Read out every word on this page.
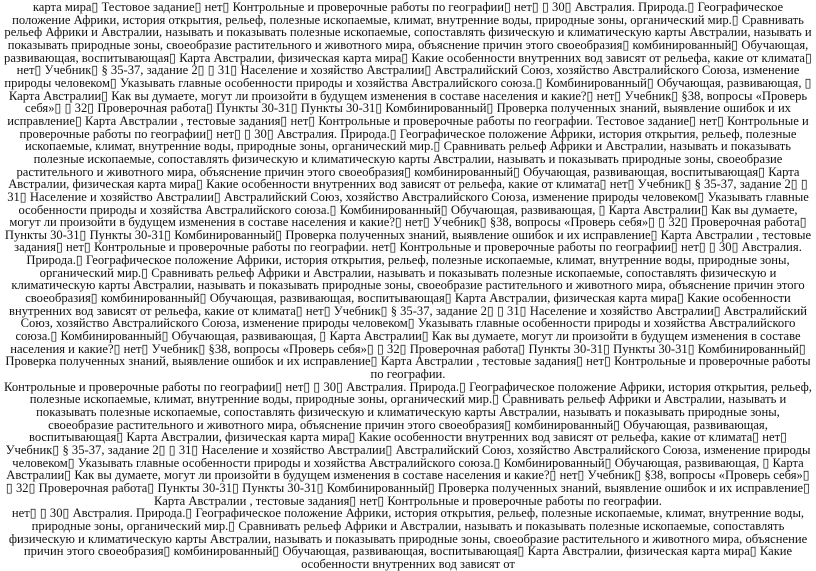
карта мира▯ Тестовое задание▯ нет▯ Контрольные и проверочные работы по географии▯ нет▯ ▯ 30▯ Австралия. Природа.▯ Географическое положение Африки, история открытия, рельеф, полезные ископаемые, климат, внутренние воды, природные зоны, органический мир.▯ Сравнивать рельеф Африки и Австралии, называть и показывать полезные ископаемые, сопоставлять физическую и климатическую карты Австралии, называть и показывать природные зоны, своеобразие растительного и животного мира, объяснение причин этого своеобразия▯ комбинированный▯ Обучающая, развивающая, воспитывающая▯ Карта Австралии, физическая карта мира▯ Какие особенности внутренних вод зависят от рельефа, какие от климата▯ нет▯ Учебник▯ § 35-37, задание 2▯ ▯ 31▯ Население и хозяйство Австралии▯ Австралийский Союз, хозяйство Австралийского Союза, изменение природы человеком▯ Указывать главные особенности природы и хозяйства Австралийского союза.▯ Комбинированный▯ Обучающая, развивающая, ▯ Карта Австралии▯ Как вы думаете, могут ли произойти в будущем изменения в составе населения и какие?▯ нет▯ Учебник▯ §38, вопросы «Проверь себя»▯ ▯ 32▯ Проверочная работа▯ Пункты 30-31▯ Пункты 30-31▯ Комбинированный▯ Проверка полученных знаний, выявление ошибок и их исправление▯ Карта Австралии , тестовые задания▯ нет▯ Контрольные и проверочные работы по географии. Тестовое задание▯ нет▯ Контрольные и проверочные работы по географии▯ нет▯ ▯ 30▯ Австралия. Природа.▯ Географическое положение Африки, история открытия, рельеф, полезные ископаемые, климат, внутренние воды, природные зоны, органический мир.▯ Сравнивать рельеф Африки и Австралии, называть и показывать полезные ископаемые, сопоставлять физическую и климатическую карты Австралии, называть и показывать природные зоны, своеобразие растительного и животного мира, объяснение причин этого своеобразия▯ комбинированный▯ Обучающая, развивающая, воспитывающая▯ Карта Австралии, физическая карта мира▯ Какие особенности внутренних вод зависят от рельефа, какие от климата▯ нет▯ Учебник▯ § 35-37, задание 2▯ ▯ 31▯ Население и хозяйство Австралии▯ Австралийский Союз, хозяйство Австралийского Союза, изменение природы человеком▯ Указывать главные особенности природы и хозяйства Австралийского союза.▯ Комбинированный▯ Обучающая, развивающая, ▯ Карта Австралии▯ Как вы думаете, могут ли произойти в будущем изменения в составе населения и какие?▯ нет▯ Учебник▯ §38, вопросы «Проверь себя»▯ ▯ 32▯ Проверочная работа▯ Пункты 30-31▯ Пункты 30-31▯ Комбинированный▯ Проверка полученных знаний, выявление ошибок и их исправление▯ Карта Австралии , тестовые задания▯ нет▯ Контрольные и проверочные работы по географии. нет▯ Контрольные и проверочные работы по географии▯ нет▯ ▯ 30▯ Австралия. Природа.▯ Географическое положение Африки, история открытия, рельеф, полезные ископаемые, климат, внутренние воды, природные зоны, органический мир.▯ Сравнивать рельеф Африки и Австралии, называть и показывать полезные ископаемые, сопоставлять физическую и климатическую карты Австралии, называть и показывать природные зоны, своеобразие растительного и животного мира, объяснение причин этого своеобразия▯ комбинированный▯ Обучающая, развивающая, воспитывающая▯ Карта Австралии, физическая карта мира▯ Какие особенности внутренних вод зависят от рельефа, какие от климата▯ нет▯ Учебник▯ § 35-37, задание 2▯ ▯ 31▯ Население и хозяйство Австралии▯ Австралийский Союз, хозяйство Австралийского Союза, изменение природы человеком▯ Указывать главные особенности природы и хозяйства Австралийского союза.▯ Комбинированный▯ Обучающая, развивающая, ▯ Карта Австралии▯ Как вы думаете, могут ли произойти в будущем изменения в составе населения и какие?▯ нет▯ Учебник▯ §38, вопросы «Проверь себя»▯ ▯ 32▯ Проверочная работа▯ Пункты 30-31▯ Пункты 30-31▯ Комбинированный▯ Проверка полученных знаний, выявление ошибок и их исправление▯ Карта Австралии , тестовые задания▯ нет▯ Контрольные и проверочные работы по географии.

Контрольные и проверочные работы по географии▯ нет▯ ▯ 30▯ Австралия. Природа.▯ Географическое положение Африки, история открытия, рельеф, полезные ископаемые, климат, внутренние воды, природные зоны, органический мир.▯ Сравнивать рельеф Африки и Австралии, называть и показывать полезные ископаемые, сопоставлять физическую и климатическую карты Австралии, называть и показывать природные зоны, своеобразие растительного и животного мира, объяснение причин этого своеобразия▯ комбинированный▯ Обучающая, развивающая, воспитывающая▯ Карта Австралии, физическая карта мира▯ Какие особенности внутренних вод зависят от рельефа, какие от климата▯ нет▯ Учебник▯ § 35-37, задание 2▯ ▯ 31▯ Население и хозяйство Австралии▯ Австралийский Союз, хозяйство Австралийского Союза, изменение природы человеком▯ Указывать главные особенности природы и хозяйства Австралийского союза.▯ Комбинированный▯ Обучающая, развивающая, ▯ Карта Австралии▯ Как вы думаете, могут ли произойти в будущем изменения в составе населения и какие?▯ нет▯ Учебник▯ §38, вопросы «Проверь себя»▯ ▯ 32▯ Проверочная работа▯ Пункты 30-31▯ Пункты 30-31▯ Комбинированный▯ Проверка полученных знаний, выявление ошибок и их исправление▯ Карта Австралии , тестовые задания▯ нет▯ Контрольные и проверочные работы по географии.

нет▯ ▯ 30▯ Австралия. Природа.▯ Географическое положение Африки, история открытия, рельеф, полезные ископаемые, климат, внутренние воды, природные зоны, органический мир.▯ Сравнивать рельеф Африки и Австралии, называть и показывать полезные ископаемые, сопоставлять физическую и климатическую карты Австралии, называть и показывать природные зоны, своеобразие растительного и животного мира, объяснение причин этого своеобразия▯ комбинированный▯ Обучающая, развивающая, воспитывающая▯ Карта Австралии, физическая карта мира▯ Какие особенности внутренних вод зависят от
